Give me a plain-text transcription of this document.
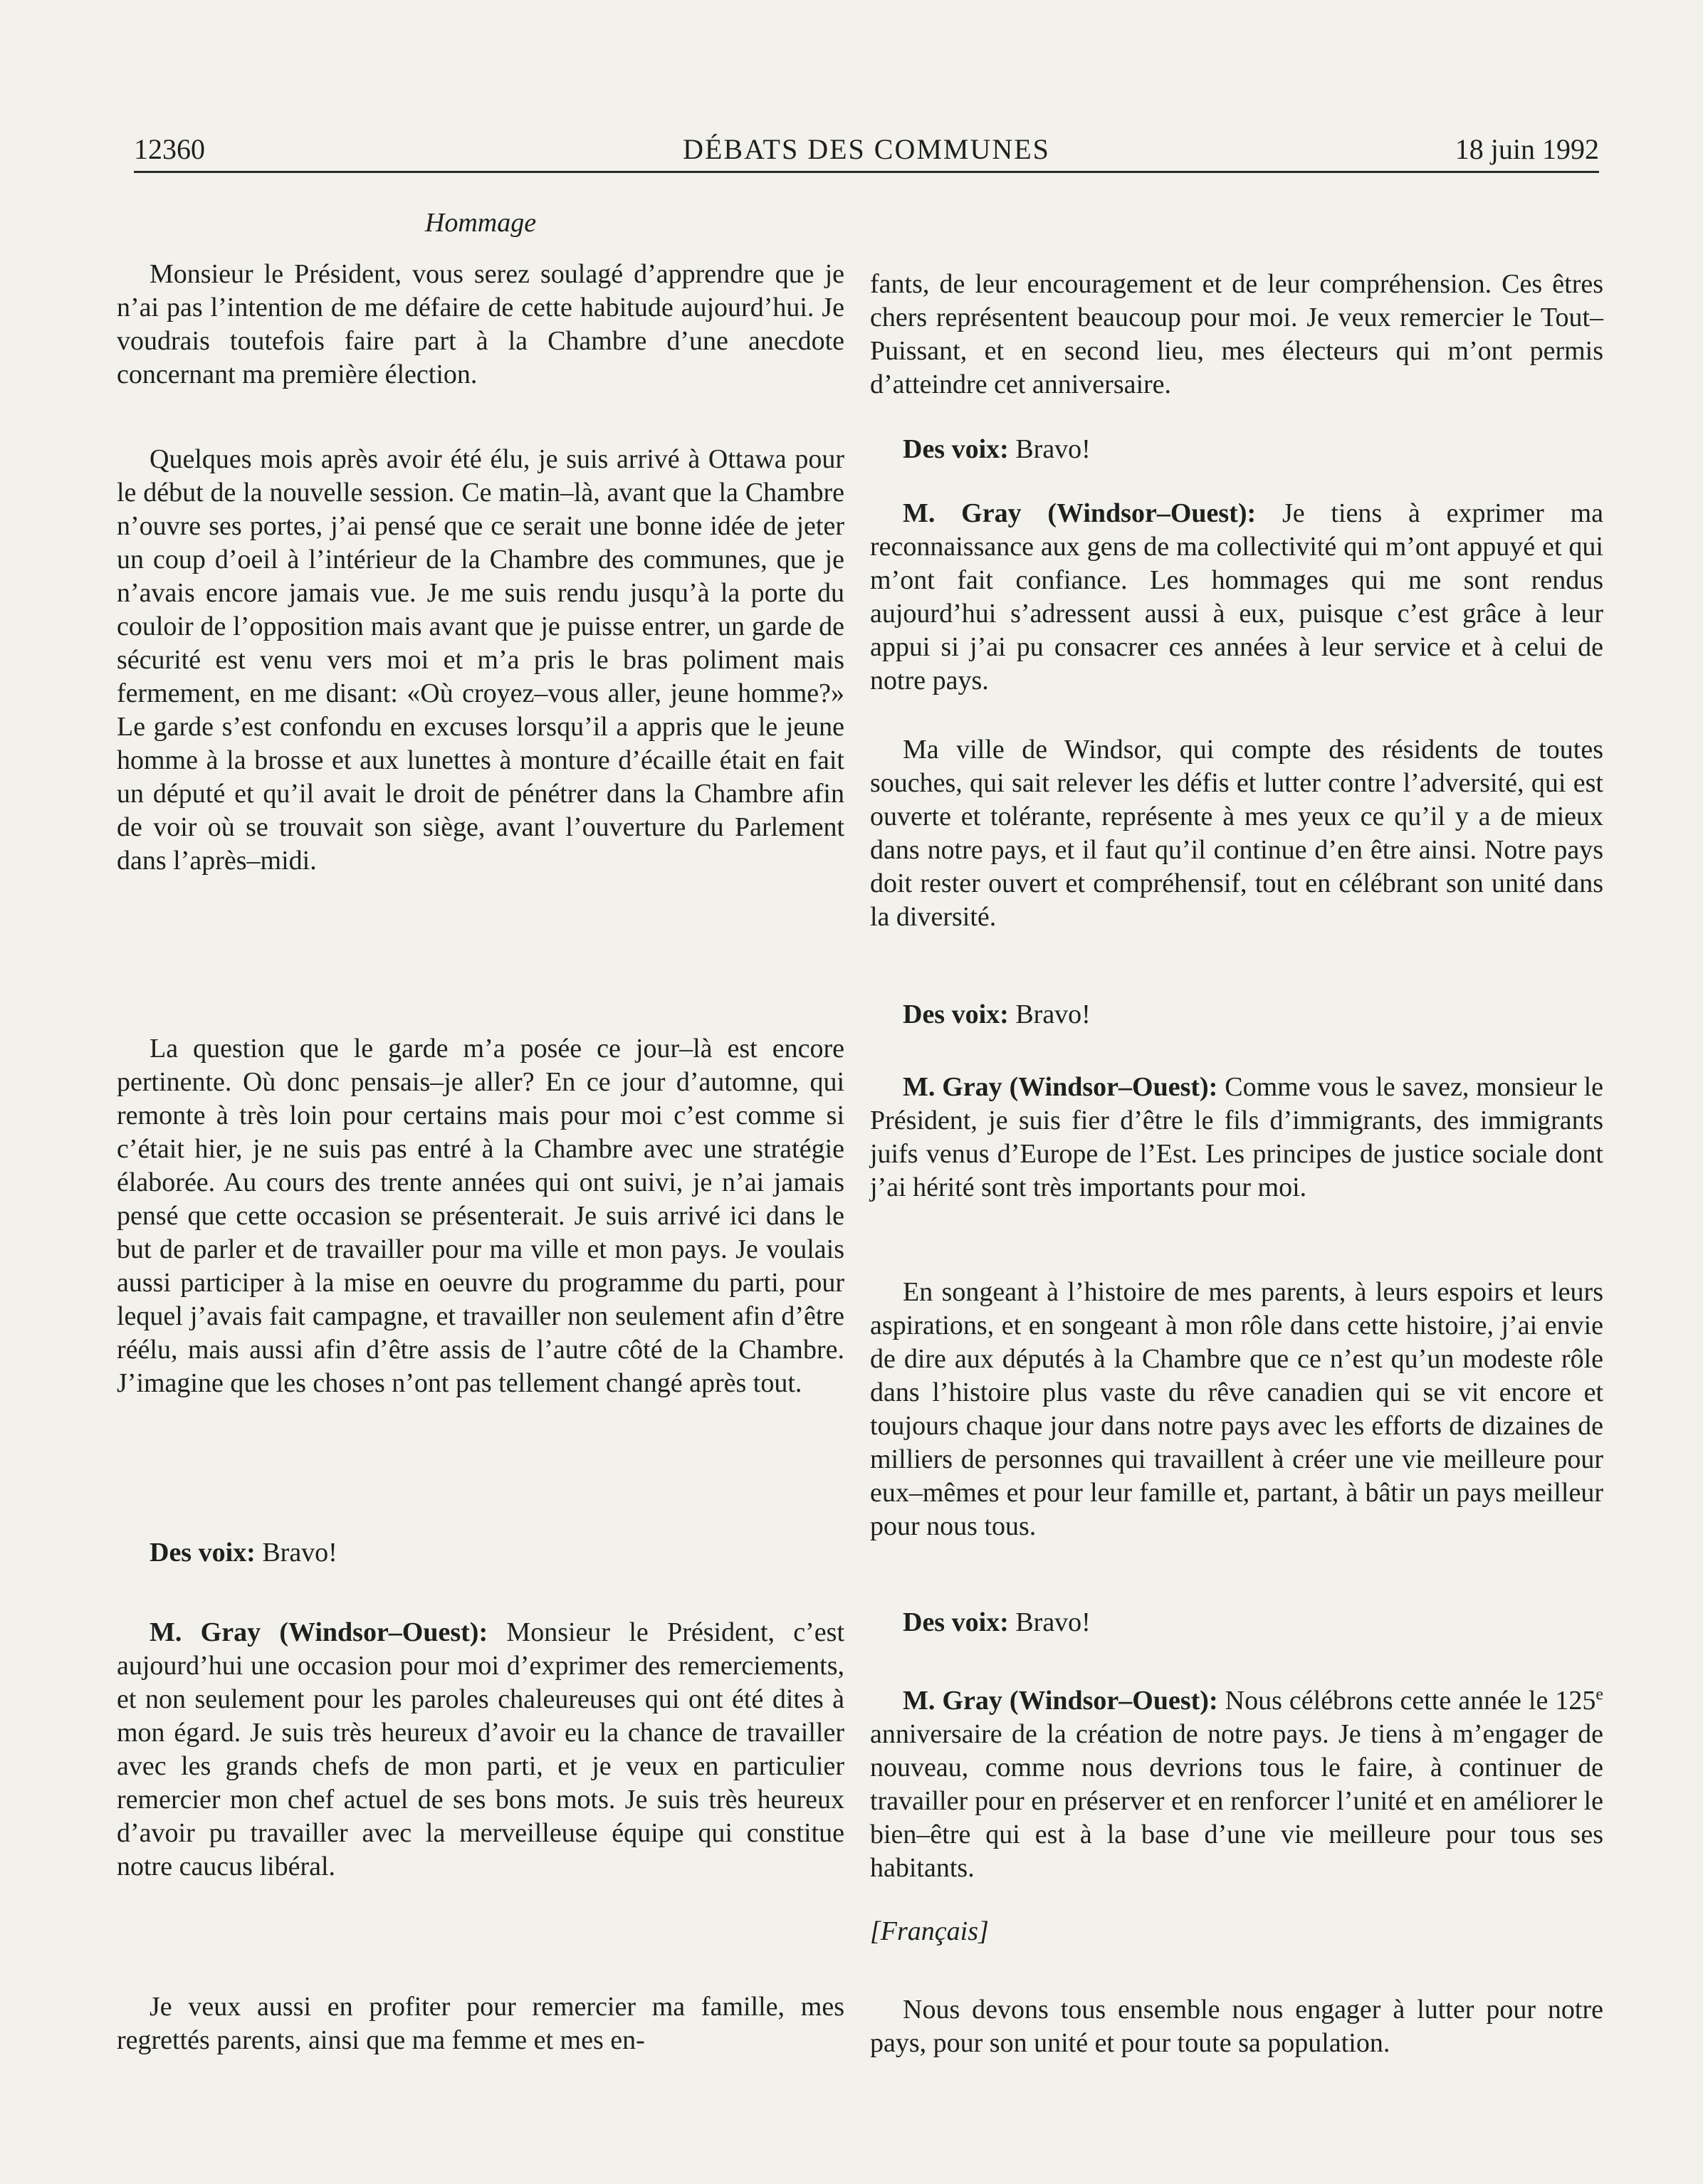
12360	DÉBATS DES COMMUNES	18 juin 1992
Hommage

Monsieur le Président, vous serez soulagé d’apprendre que je n’ai pas l’intention de me défaire de cette habitude aujourd’hui. Je voudrais toutefois faire part à la Chambre d’une anecdote concernant ma première élection.

Quelques mois après avoir été élu, je suis arrivé à Ottawa pour le début de la nouvelle session. Ce matin–là, avant que la Chambre n’ouvre ses portes, j’ai pensé que ce serait une bonne idée de jeter un coup d’oeil à l’intérieur de la Chambre des communes, que je n’avais encore jamais vue. Je me suis rendu jusqu’à la porte du couloir de l’opposition mais avant que je puisse entrer, un garde de sécurité est venu vers moi et m’a pris le bras poliment mais fermement, en me disant: «Où croyez–vous aller, jeune homme?» Le garde s’est confondu en excuses lorsqu’il a appris que le jeune homme à la brosse et aux lunettes à monture d’écaille était en fait un député et qu’il avait le droit de pénétrer dans la Chambre afin de voir où se trouvait son siège, avant l’ouverture du Parlement dans l’après–midi.

La question que le garde m’a posée ce jour–là est encore pertinente. Où donc pensais–je aller? En ce jour d’automne, qui remonte à très loin pour certains mais pour moi c’est comme si c’était hier, je ne suis pas entré à la Chambre avec une stratégie élaborée. Au cours des trente années qui ont suivi, je n’ai jamais pensé que cette occasion se présenterait. Je suis arrivé ici dans le but de parler et de travailler pour ma ville et mon pays. Je voulais aussi participer à la mise en oeuvre du programme du parti, pour lequel j’avais fait campagne, et travailler non seulement afin d’être réélu, mais aussi afin d’être assis de l’autre côté de la Chambre. J’imagine que les choses n’ont pas tellement changé après tout.

Des voix: Bravo!

M. Gray (Windsor–Ouest): Monsieur le Président, c’est aujourd’hui une occasion pour moi d’exprimer des remerciements, et non seulement pour les paroles chaleureuses qui ont été dites à mon égard. Je suis très heureux d’avoir eu la chance de travailler avec les grands chefs de mon parti, et je veux en particulier remercier mon chef actuel de ses bons mots. Je suis très heureux d’avoir pu travailler avec la merveilleuse équipe qui constitue notre caucus libéral.

Je veux aussi en profiter pour remercier ma famille, mes regrettés parents, ainsi que ma femme et mes en-

fants, de leur encouragement et de leur compréhension. Ces êtres chers représentent beaucoup pour moi. Je veux remercier le Tout–Puissant, et en second lieu, mes électeurs qui m’ont permis d’atteindre cet anniversaire.

Des voix: Bravo!

M. Gray (Windsor–Ouest): Je tiens à exprimer ma reconnaissance aux gens de ma collectivité qui m’ont appuyé et qui m’ont fait confiance. Les hommages qui me sont rendus aujourd’hui s’adressent aussi à eux, puisque c’est grâce à leur appui si j’ai pu consacrer ces années à leur service et à celui de notre pays.

Ma ville de Windsor, qui compte des résidents de toutes souches, qui sait relever les défis et lutter contre l’adversité, qui est ouverte et tolérante, représente à mes yeux ce qu’il y a de mieux dans notre pays, et il faut qu’il continue d’en être ainsi. Notre pays doit rester ouvert et compréhensif, tout en célébrant son unité dans la diversité.

Des voix: Bravo!

M. Gray (Windsor–Ouest): Comme vous le savez, monsieur le Président, je suis fier d’être le fils d’immigrants, des immigrants juifs venus d’Europe de l’Est. Les principes de justice sociale dont j’ai hérité sont très importants pour moi.

En songeant à l’histoire de mes parents, à leurs espoirs et leurs aspirations, et en songeant à mon rôle dans cette histoire, j’ai envie de dire aux députés à la Chambre que ce n’est qu’un modeste rôle dans l’histoire plus vaste du rêve canadien qui se vit encore et toujours chaque jour dans notre pays avec les efforts de dizaines de milliers de personnes qui travaillent à créer une vie meilleure pour eux–mêmes et pour leur famille et, partant, à bâtir un pays meilleur pour nous tous.

Des voix: Bravo!

M. Gray (Windsor–Ouest): Nous célébrons cette année le 125e anniversaire de la création de notre pays. Je tiens à m’engager de nouveau, comme nous devrions tous le faire, à continuer de travailler pour en préserver et en renforcer l’unité et en améliorer le bien–être qui est à la base d’une vie meilleure pour tous ses habitants.

[Français]

Nous devons tous ensemble nous engager à lutter pour notre pays, pour son unité et pour toute sa population.
